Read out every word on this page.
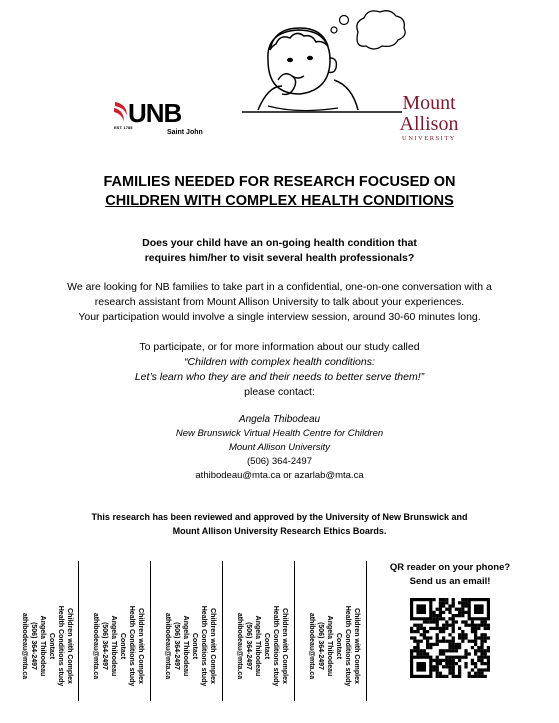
EST. 1785
UNB
Saint John
Mount
Allison
UNIVERSITY
FAMILIES NEEDED FOR RESEARCH FOCUSED ON
CHILDREN WITH COMPLEX HEALTH CONDITIONS
Does your child have an on-going health condition that
requires him/her to visit several health professionals?
We are looking for NB families to take part in a confidential, one-on-one conversation with a
research assistant from Mount Allison University to talk about your experiences.
Your participation would involve a single interview session, around 30-60 minutes long.
To participate, or for more information about our study called
“Children with complex health conditions:
Let’s learn who they are and their needs to better serve them!”
please contact:
Angela Thibodeau
New Brunswick Virtual Health Centre for Children
Mount Allison University
(506) 364-2497
athibodeau@mta.ca or azarlab@mta.ca
This research has been reviewed and approved by the University of New Brunswick and
Mount Allison University Research Ethics Boards.
Children with Complex
Health Conditions study
Contact
Angela Thibodeau
(506) 364-2497
athibodeau@mta.ca	Children with Complex
Health Conditions study
Contact
Angela Thibodeau
(506) 364-2497
athibodeau@mta.ca	Children with Complex
Health Conditions study
Contact
Angela Thibodeau
(506) 364-2497
athibodeau@mta.ca	Children with Complex
Health Conditions study
Contact
Angela Thibodeau
(506) 364-2497
athibodeau@mta.ca	Children with Complex
Health Conditions study
Contact
Angela Thibodeau
(506) 364-2497
athibodeau@mta.ca
QR reader on your phone?
Send us an email!
